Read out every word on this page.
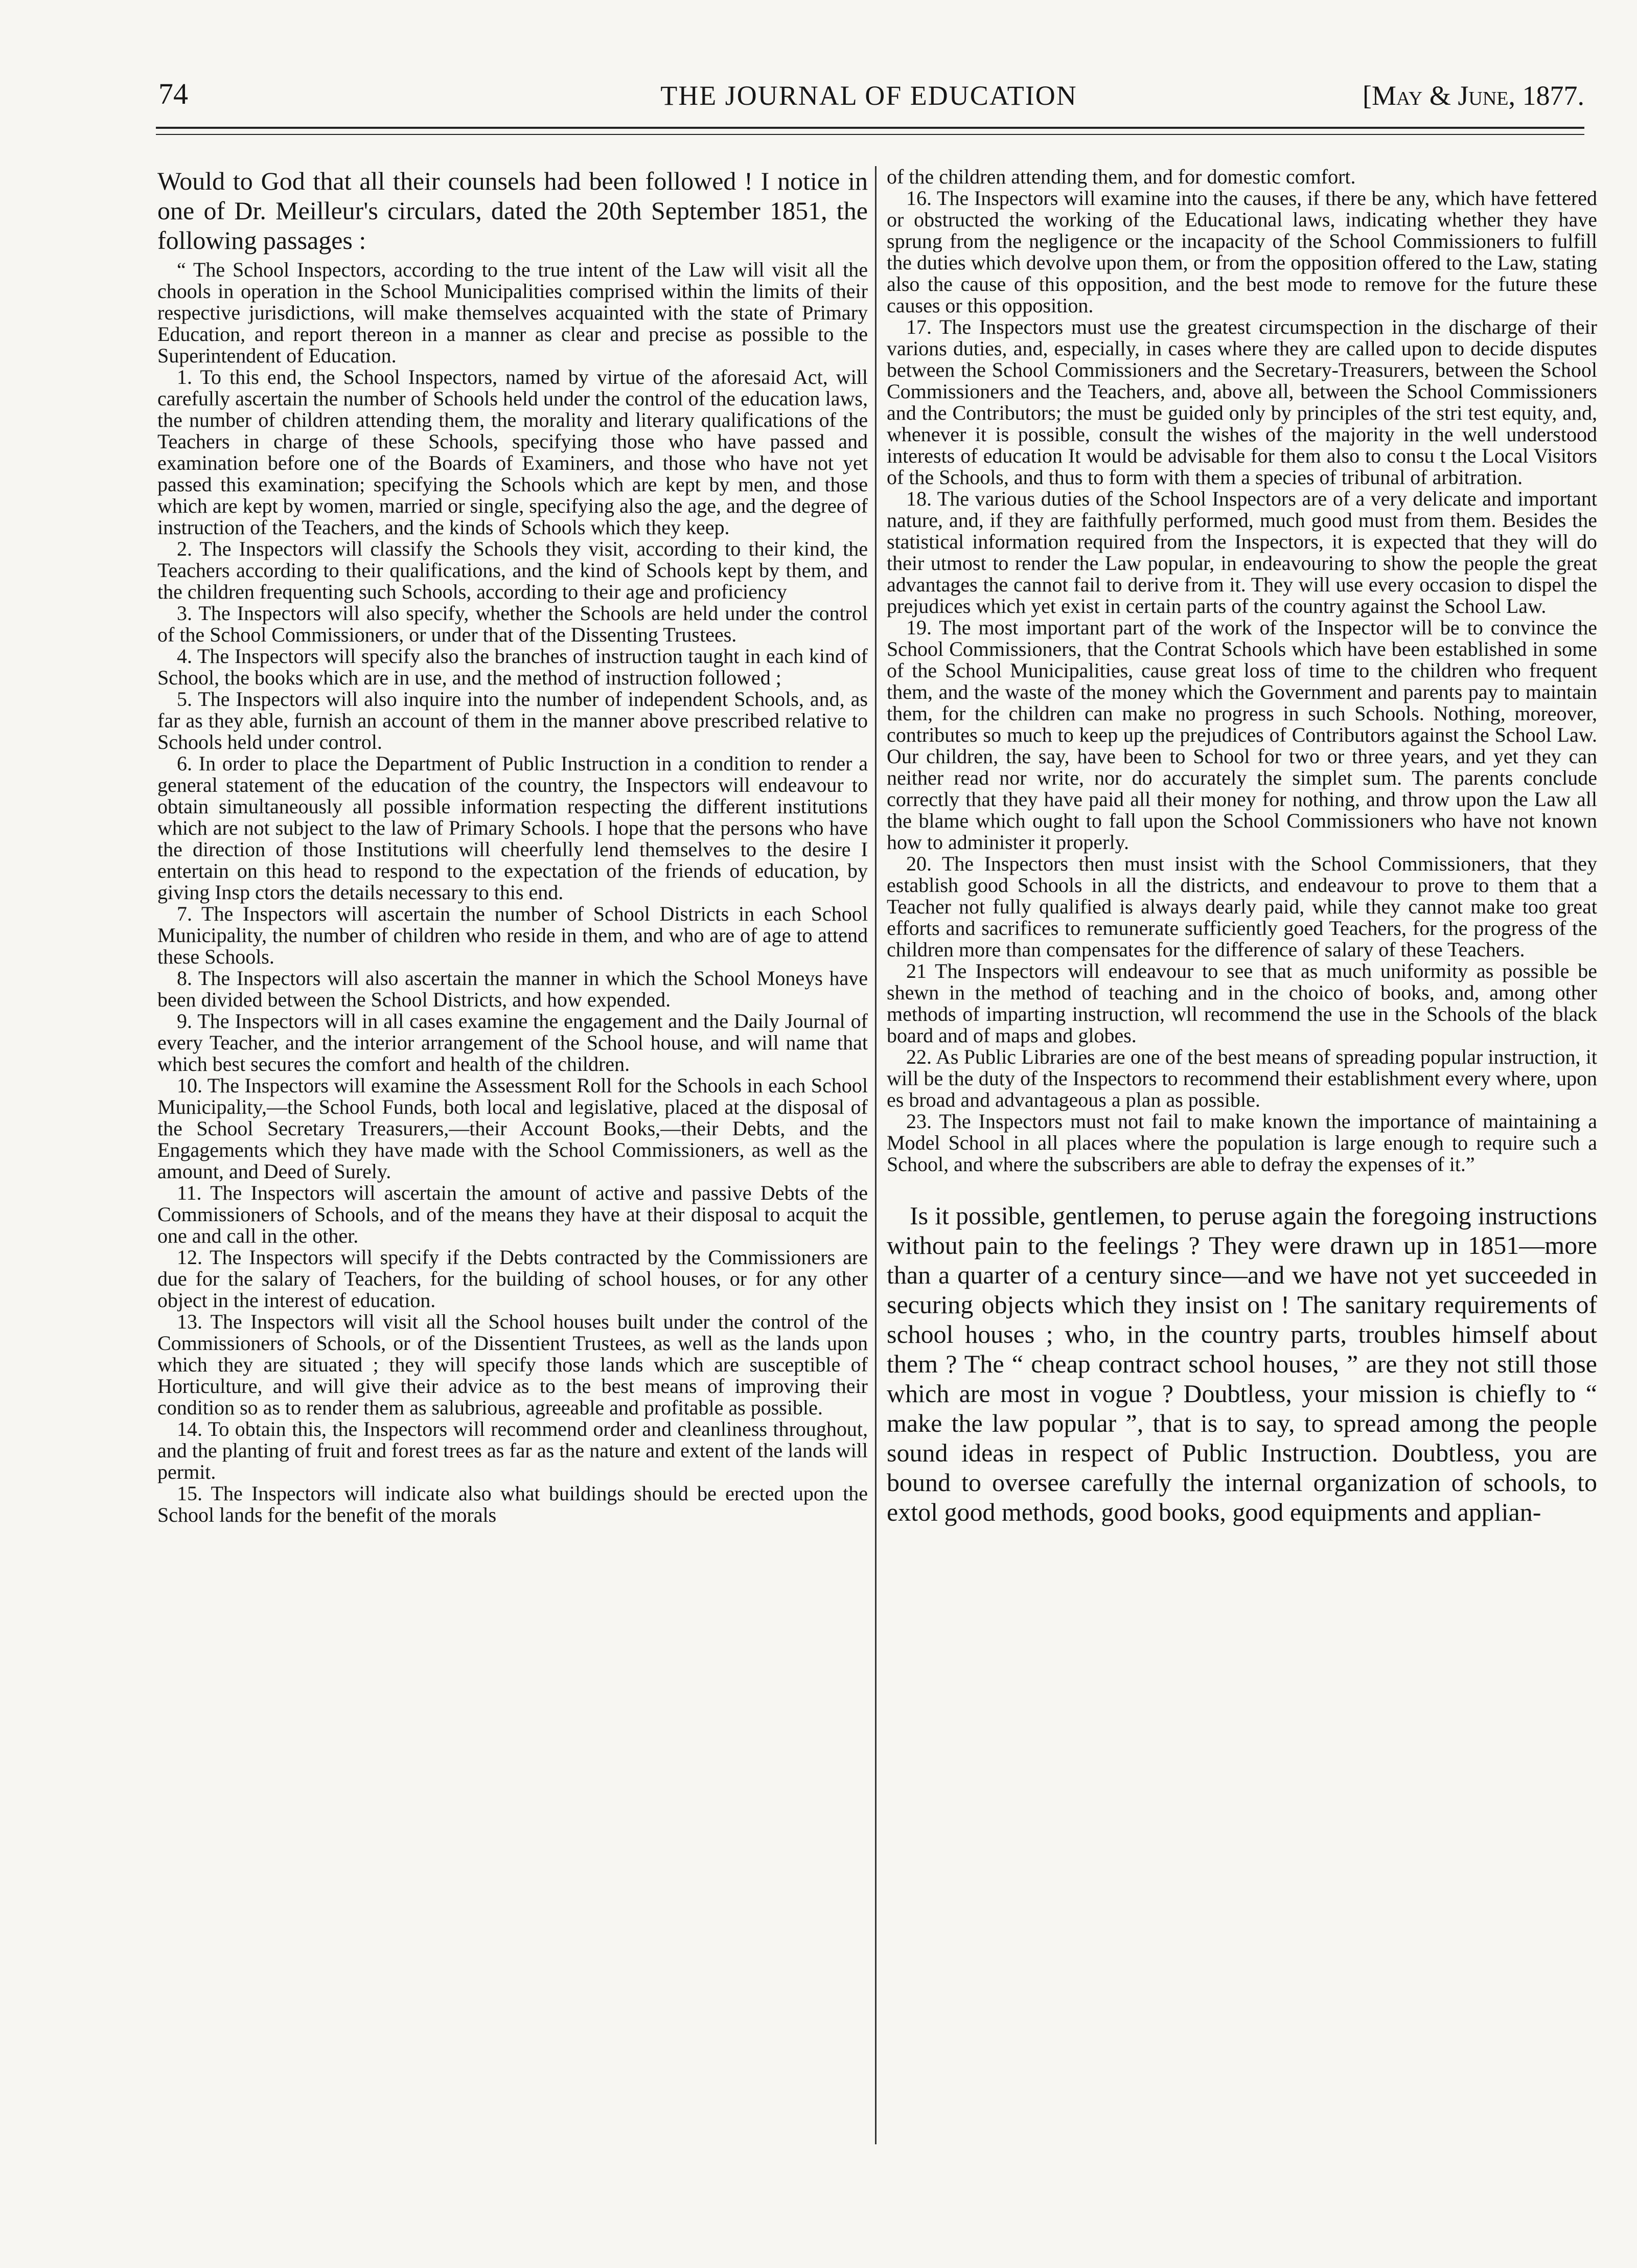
74	THE JOURNAL OF EDUCATION	[May & June, 1877.

Would to God that all their counsels had been followed ! I notice in one of Dr. Meilleur's circulars, dated the 20th September 1851, the following passages :

“ The School Inspectors, according to the true intent of the Law will visit all the chools in operation in the School Municipalities comprised within the limits of their respective jurisdictions, will make themselves acquainted with the state of Primary Education, and report thereon in a manner as clear and precise as possible to the Superintendent of Education.

1. To this end, the School Inspectors, named by virtue of the aforesaid Act, will carefully ascertain the number of Schools held under the control of the education laws, the number of children attending them, the morality and literary qualifications of the Teachers in charge of these Schools, specifying those who have passed and examination before one of the Boards of Examiners, and those who have not yet passed this examination; specifying the Schools which are kept by men, and those which are kept by women, married or single, specifying also the age, and the degree of instruction of the Teachers, and the kinds of Schools which they keep.

2. The Inspectors will classify the Schools they visit, according to their kind, the Teachers according to their qualifications, and the kind of Schools kept by them, and the children frequenting such Schools, according to their age and proficiency

3. The Inspectors will also specify, whether the Schools are held under the control of the School Commissioners, or under that of the Dissenting Trustees.

4. The Inspectors will specify also the branches of instruction taught in each kind of School, the books which are in use, and the method of instruction followed ;

5. The Inspectors will also inquire into the number of independent Schools, and, as far as they able, furnish an account of them in the manner above prescribed relative to Schools held under control.

6. In order to place the Department of Public Instruction in a condition to render a general statement of the education of the country, the Inspectors will endeavour to obtain simultaneously all possible information respecting the different institutions which are not subject to the law of Primary Schools. I hope that the persons who have the direction of those Institutions will cheerfully lend themselves to the desire I entertain on this head to respond to the expectation of the friends of education, by giving Insp ctors the details necessary to this end.

7. The Inspectors will ascertain the number of School Districts in each School Municipality, the number of children who reside in them, and who are of age to attend these Schools.

8. The Inspectors will also ascertain the manner in which the School Moneys have been divided between the School Districts, and how expended.

9. The Inspectors will in all cases examine the engagement and the Daily Journal of every Teacher, and the interior arrangement of the School house, and will name that which best secures the comfort and health of the children.

10. The Inspectors will examine the Assessment Roll for the Schools in each School Municipality,—the School Funds, both local and legislative, placed at the disposal of the School Secretary Treasurers,—their Account Books,—their Debts, and the Engagements which they have made with the School Commissioners, as well as the amount, and Deed of Surely.

11. The Inspectors will ascertain the amount of active and passive Debts of the Commissioners of Schools, and of the means they have at their disposal to acquit the one and call in the other.

12. The Inspectors will specify if the Debts contracted by the Commissioners are due for the salary of Teachers, for the building of school houses, or for any other object in the interest of education.

13. The Inspectors will visit all the School houses built under the control of the Commissioners of Schools, or of the Dissentient Trustees, as well as the lands upon which they are situated ; they will specify those lands which are susceptible of Horticulture, and will give their advice as to the best means of improving their condition so as to render them as salubrious, agreeable and profitable as possible.

14. To obtain this, the Inspectors will recommend order and cleanliness throughout, and the planting of fruit and forest trees as far as the nature and extent of the lands will permit.

15. The Inspectors will indicate also what buildings should be erected upon the School lands for the benefit of the morals

of the children attending them, and for domestic comfort.

16. The Inspectors will examine into the causes, if there be any, which have fettered or obstructed the working of the Educational laws, indicating whether they have sprung from the negligence or the incapacity of the School Commissioners to fulfill the duties which devolve upon them, or from the opposition offered to the Law, stating also the cause of this opposition, and the best mode to remove for the future these causes or this opposition.

17. The Inspectors must use the greatest circumspection in the discharge of their varions duties, and, especially, in cases where they are called upon to decide disputes between the School Commissioners and the Secretary-Treasurers, between the School Commissioners and the Teachers, and, above all, between the School Commissioners and the Contributors; the must be guided only by principles of the stri test equity, and, whenever it is possible, consult the wishes of the majority in the well understood interests of education It would be advisable for them also to consu t the Local Visitors of the Schools, and thus to form with them a species of tribunal of arbitration.

18. The various duties of the School Inspectors are of a very delicate and important nature, and, if they are faithfully performed, much good must from them. Besides the statistical information required from the Inspectors, it is expected that they will do their utmost to render the Law popular, in endeavouring to show the people the great advantages the cannot fail to derive from it. They will use every occasion to dispel the prejudices which yet exist in certain parts of the country against the School Law.

19. The most important part of the work of the Inspector will be to convince the School Commissioners, that the Contrat Schools which have been established in some of the School Municipalities, cause great loss of time to the children who frequent them, and the waste of the money which the Government and parents pay to maintain them, for the children can make no progress in such Schools. Nothing, moreover, contributes so much to keep up the prejudices of Contributors against the School Law. Our children, the say, have been to School for two or three years, and yet they can neither read nor write, nor do accurately the simplet sum. The parents conclude correctly that they have paid all their money for nothing, and throw upon the Law all the blame which ought to fall upon the School Commissioners who have not known how to administer it properly.

20. The Inspectors then must insist with the School Commissioners, that they establish good Schools in all the districts, and endeavour to prove to them that a Teacher not fully qualified is always dearly paid, while they cannot make too great efforts and sacrifices to remunerate sufficiently goed Teachers, for the progress of the children more than compensates for the difference of salary of these Teachers.

21 The Inspectors will endeavour to see that as much uniformity as possible be shewn in the method of teaching and in the choico of books, and, among other methods of imparting instruction, wll recommend the use in the Schools of the black board and of maps and globes.

22. As Public Libraries are one of the best means of spreading popular instruction, it will be the duty of the Inspectors to recommend their establishment every where, upon es broad and advantageous a plan as possible.

23. The Inspectors must not fail to make known the importance of maintaining a Model School in all places where the population is large enough to require such a School, and where the subscribers are able to defray the expenses of it.”

Is it possible, gentlemen, to peruse again the foregoing instructions without pain to the feelings ? They were drawn up in 1851—more than a quarter of a century since—and we have not yet succeeded in securing objects which they insist on ! The sanitary requirements of school houses ; who, in the country parts, troubles himself about them ? The “ cheap contract school houses, ” are they not still those which are most in vogue ? Doubtless, your mission is chiefly to “ make the law popular ”, that is to say, to spread among the people sound ideas in respect of Public Instruction. Doubtless, you are bound to oversee carefully the internal organization of schools, to extol good methods, good books, good equipments and applian-
